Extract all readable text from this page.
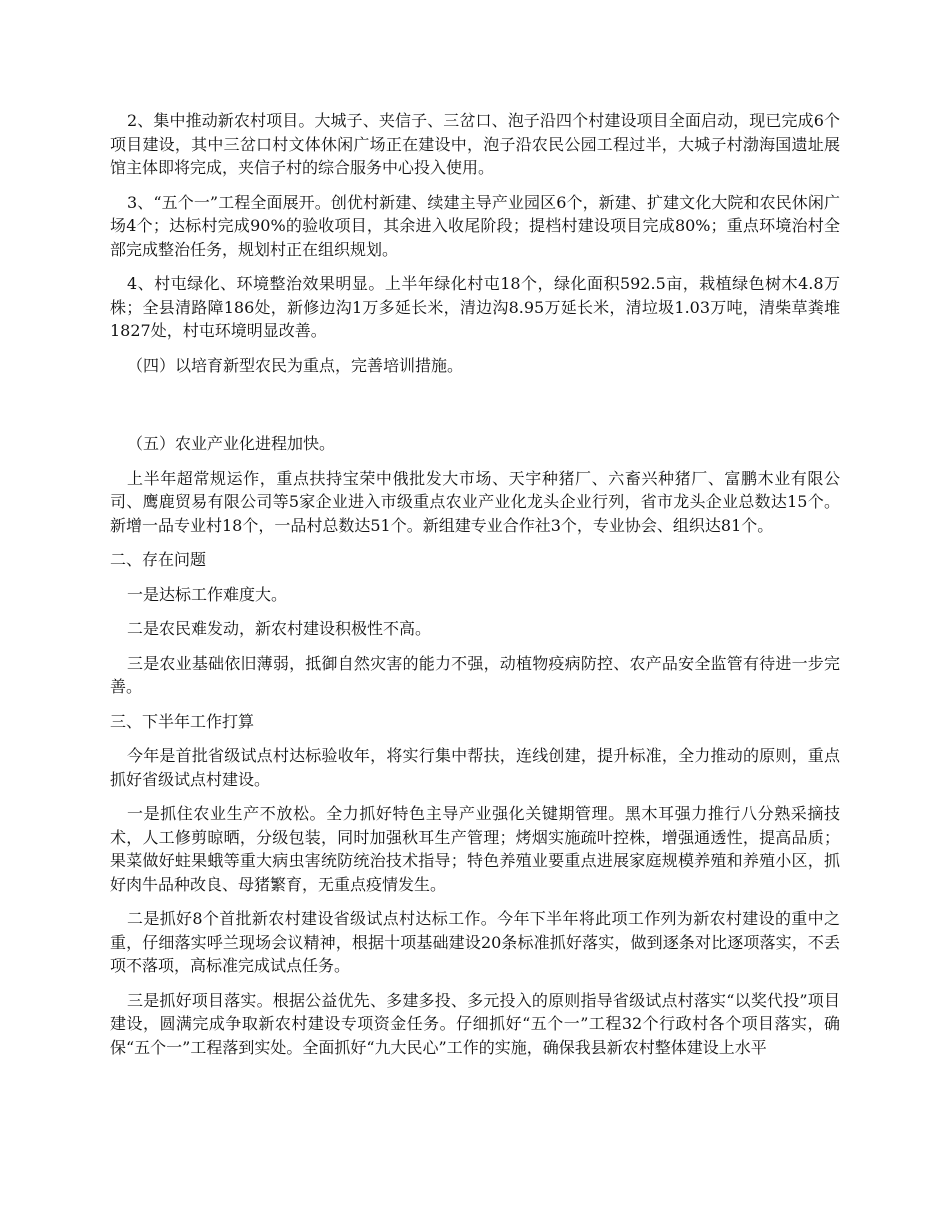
2、集中推动新农村项目。大城子、夹信子、三岔口、泡子沿四个村建设项目全面启动，现已完成6个项目建设，其中三岔口村文体休闲广场正在建设中，泡子沿农民公园工程过半，大城子村渤海国遗址展馆主体即将完成，夹信子村的综合服务中心投入使用。

3、“五个一”工程全面展开。创优村新建、续建主导产业园区6个，新建、扩建文化大院和农民休闲广场4个；达标村完成90%的验收项目，其余进入收尾阶段；提档村建设项目完成80%；重点环境治村全部完成整治任务，规划村正在组织规划。

4、村屯绿化、环境整治效果明显。上半年绿化村屯18个，绿化面积592.5亩，栽植绿色树木4.8万株；全县清路障186处，新修边沟1万多延长米，清边沟8.95万延长米，清垃圾1.03万吨，清柴草粪堆1827处，村屯环境明显改善。

（四）以培育新型农民为重点，完善培训措施。

（五）农业产业化进程加快。

上半年超常规运作，重点扶持宝荣中俄批发大市场、天宇种猪厂、六畜兴种猪厂、富鹏木业有限公司、鹰鹿贸易有限公司等5家企业进入市级重点农业产业化龙头企业行列，省市龙头企业总数达15个。新增一品专业村18个，一品村总数达51个。新组建专业合作社3个，专业协会、组织达81个。

二、存在问题

一是达标工作难度大。

二是农民难发动，新农村建设积极性不高。

三是农业基础依旧薄弱，抵御自然灾害的能力不强，动植物疫病防控、农产品安全监管有待进一步完善。

三、下半年工作打算

今年是首批省级试点村达标验收年，将实行集中帮扶，连线创建，提升标准，全力推动的原则，重点抓好省级试点村建设。

一是抓住农业生产不放松。全力抓好特色主导产业强化关键期管理。黑木耳强力推行八分熟采摘技术，人工修剪晾晒，分级包装，同时加强秋耳生产管理；烤烟实施疏叶控株，增强通透性，提高品质；果菜做好蛀果蛾等重大病虫害统防统治技术指导；特色养殖业要重点进展家庭规模养殖和养殖小区，抓好肉牛品种改良、母猪繁育，无重点疫情发生。

二是抓好8个首批新农村建设省级试点村达标工作。今年下半年将此项工作列为新农村建设的重中之重，仔细落实呼兰现场会议精神，根据十项基础建设20条标准抓好落实，做到逐条对比逐项落实，不丢项不落项，高标准完成试点任务。

三是抓好项目落实。根据公益优先、多建多投、多元投入的原则指导省级试点村落实“以奖代投”项目建设，圆满完成争取新农村建设专项资金任务。仔细抓好“五个一”工程32个行政村各个项目落实，确保“五个一”工程落到实处。全面抓好“九大民心”工作的实施，确保我县新农村整体建设上水平
